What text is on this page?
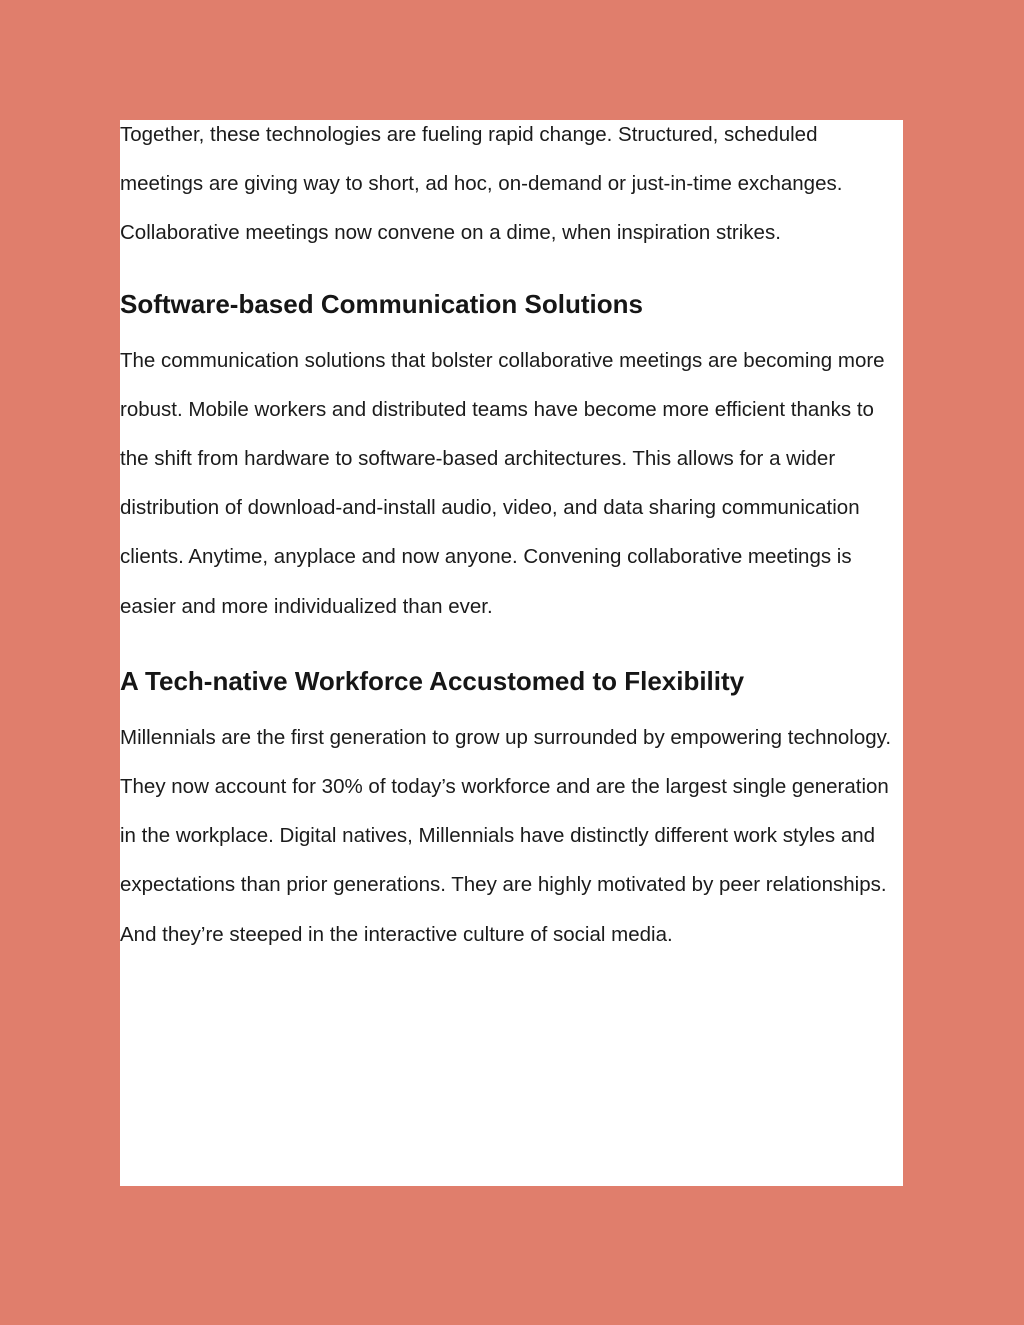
Together, these technologies are fueling rapid change. Structured, scheduled meetings are giving way to short, ad hoc, on-demand or just-in-time exchanges. Collaborative meetings now convene on a dime, when inspiration strikes.

Software-based Communication Solutions

The communication solutions that bolster collaborative meetings are becoming more robust. Mobile workers and distributed teams have become more efficient thanks to the shift from hardware to software-based architectures. This allows for a wider distribution of download-and-install audio, video, and data sharing communication clients. Anytime, anyplace and now anyone. Convening collaborative meetings is easier and more individualized than ever.

A Tech-native Workforce Accustomed to Flexibility

Millennials are the first generation to grow up surrounded by empowering technology. They now account for 30% of today’s workforce and are the largest single generation in the workplace. Digital natives, Millennials have distinctly different work styles and expectations than prior generations. They are highly motivated by peer relationships. And they’re steeped in the interactive culture of social media.
